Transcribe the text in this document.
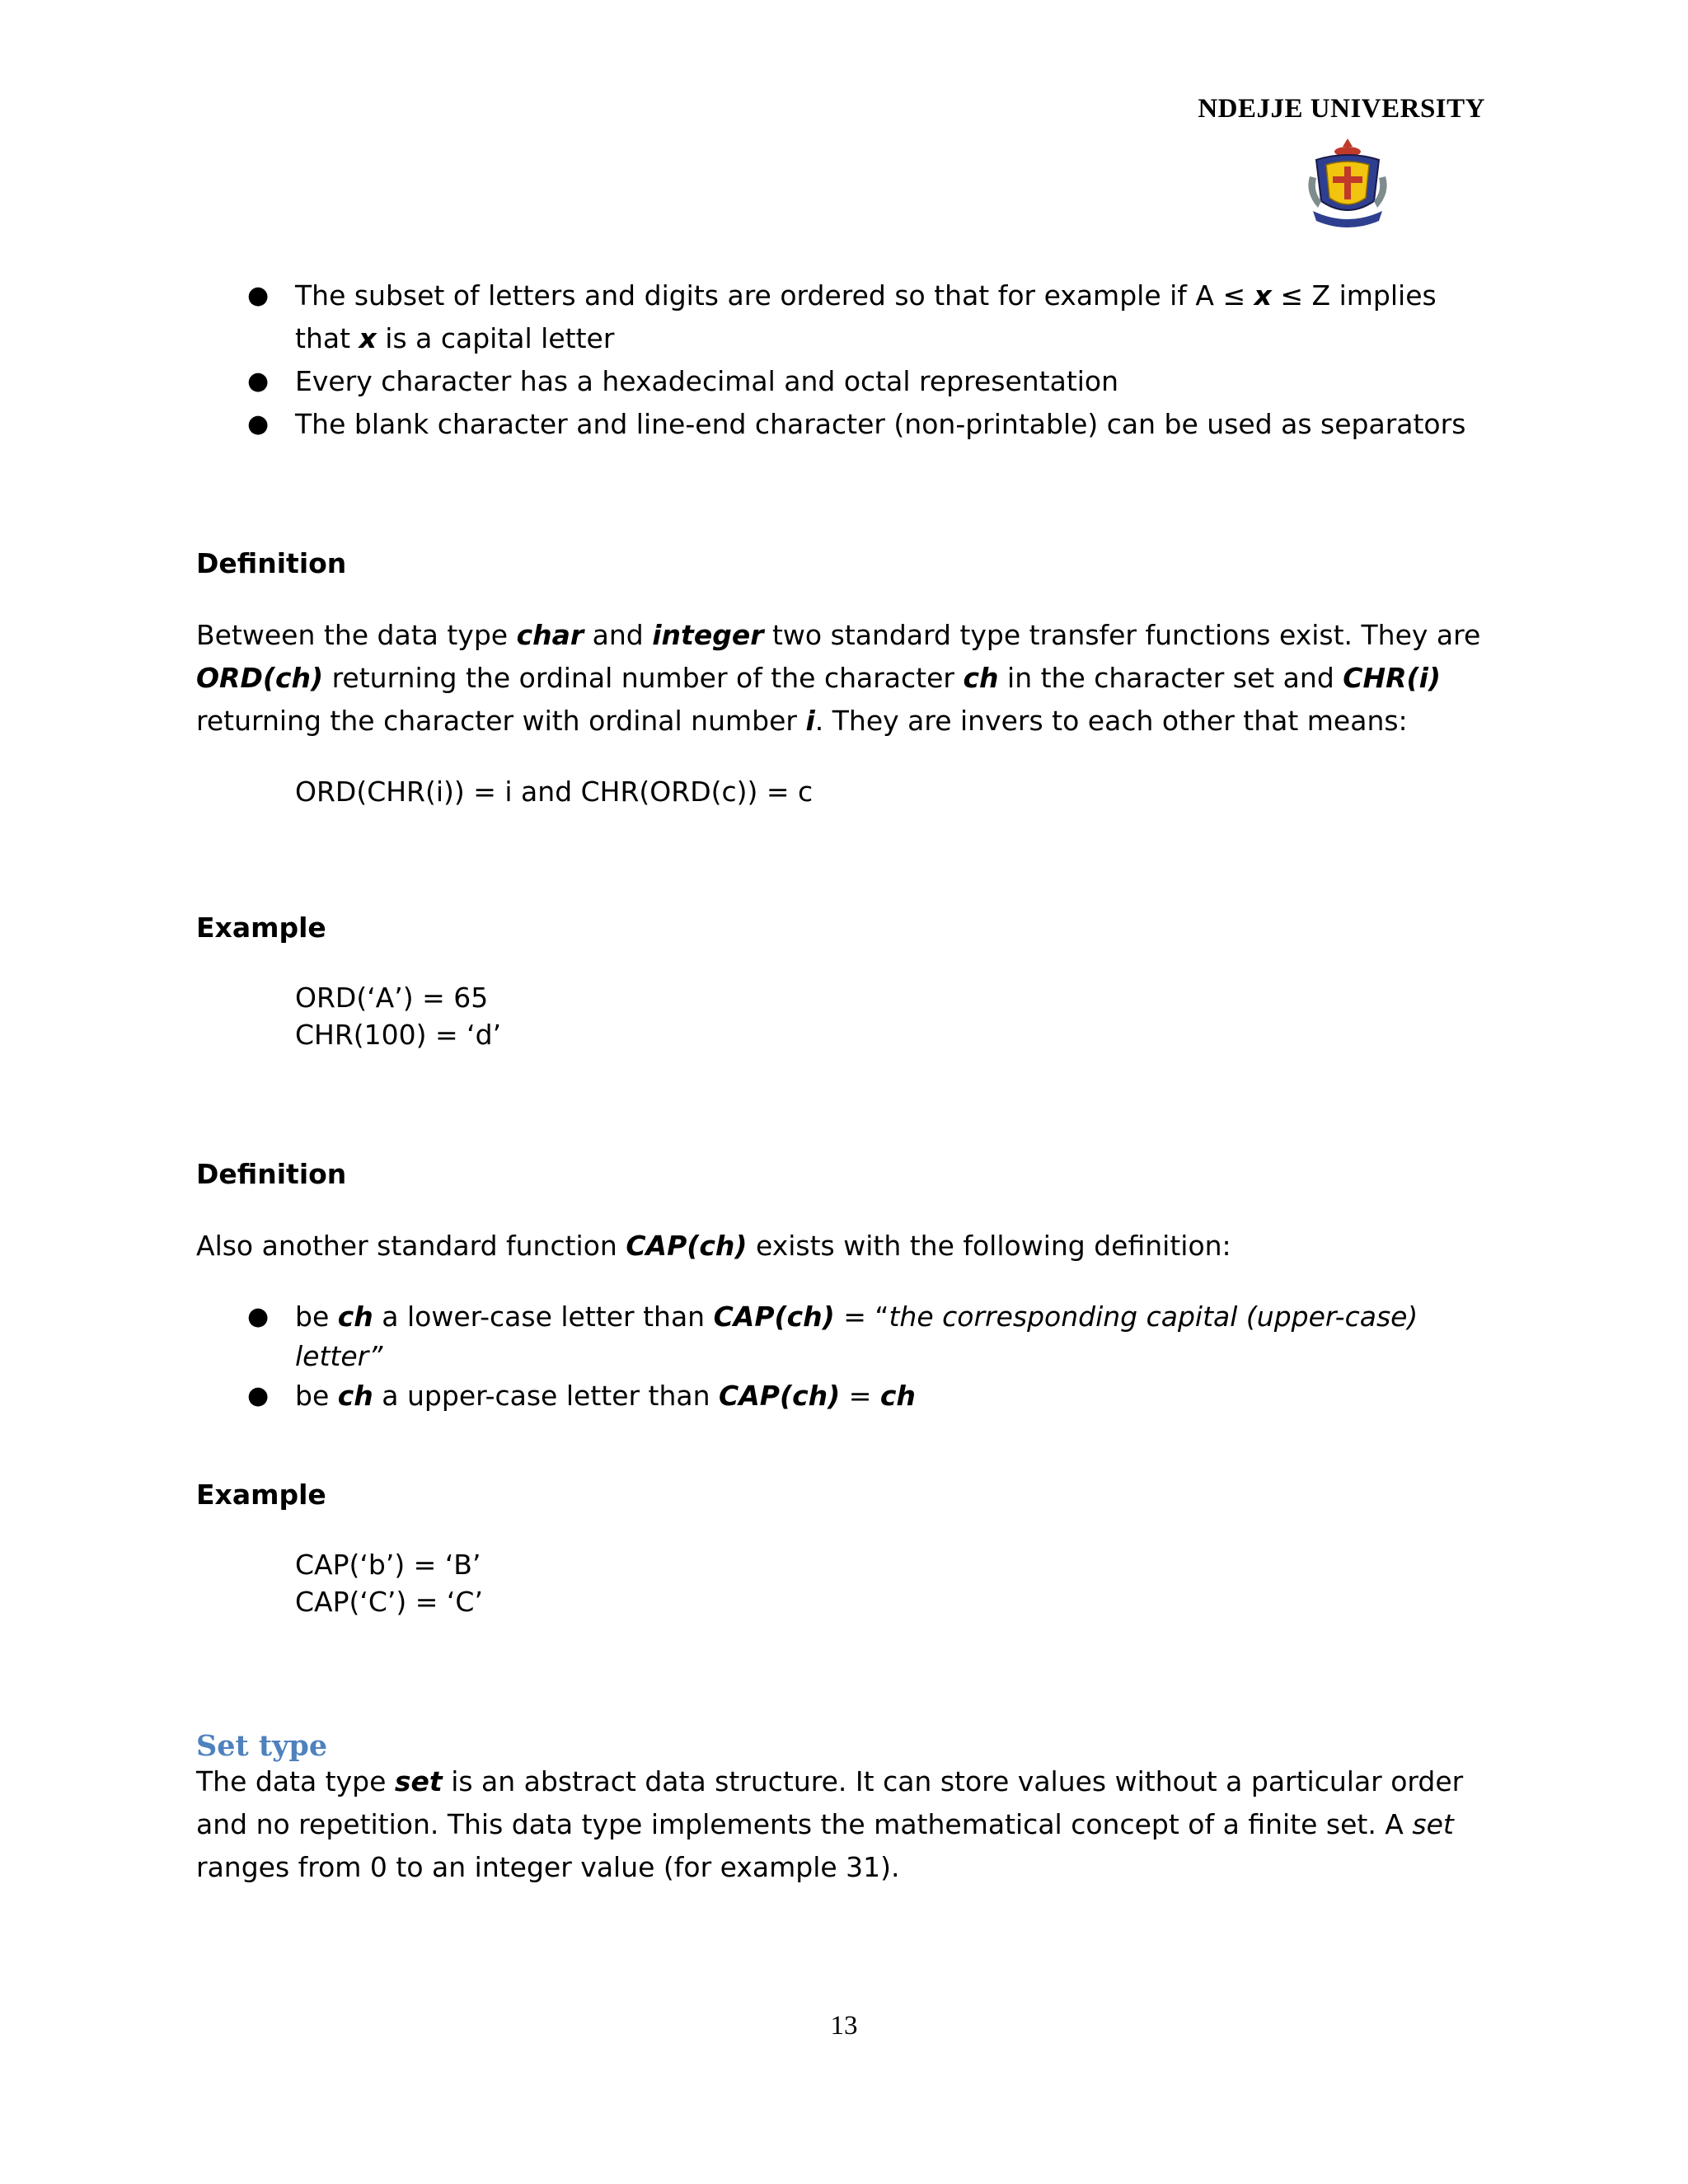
NDEJJE UNIVERSITY
● The subset of letters and digits are ordered so that for example if A ≤ x ≤ Z implies that x is a capital letter
● Every character has a hexadecimal and octal representation
● The blank character and line-end character (non-printable) can be used as separators
Definition
Between the data type char and integer two standard type transfer functions exist. They are ORD(ch) returning the ordinal number of the character ch in the character set and CHR(i) returning the character with ordinal number i. They are invers to each other that means:
ORD(CHR(i)) = i and CHR(ORD(c)) = c
Example
ORD(‘A’) = 65
CHR(100) = ‘d’
Definition
Also another standard function CAP(ch) exists with the following definition:
● be ch a lower-case letter than CAP(ch) = “the corresponding capital (upper-case) letter”
● be ch a upper-case letter than CAP(ch) = ch
Example
CAP(‘b’) = ‘B’
CAP(‘C’) = ‘C’
Set type
The data type set is an abstract data structure. It can store values without a particular order and no repetition. This data type implements the mathematical concept of a finite set. A set ranges from 0 to an integer value (for example 31).
13
